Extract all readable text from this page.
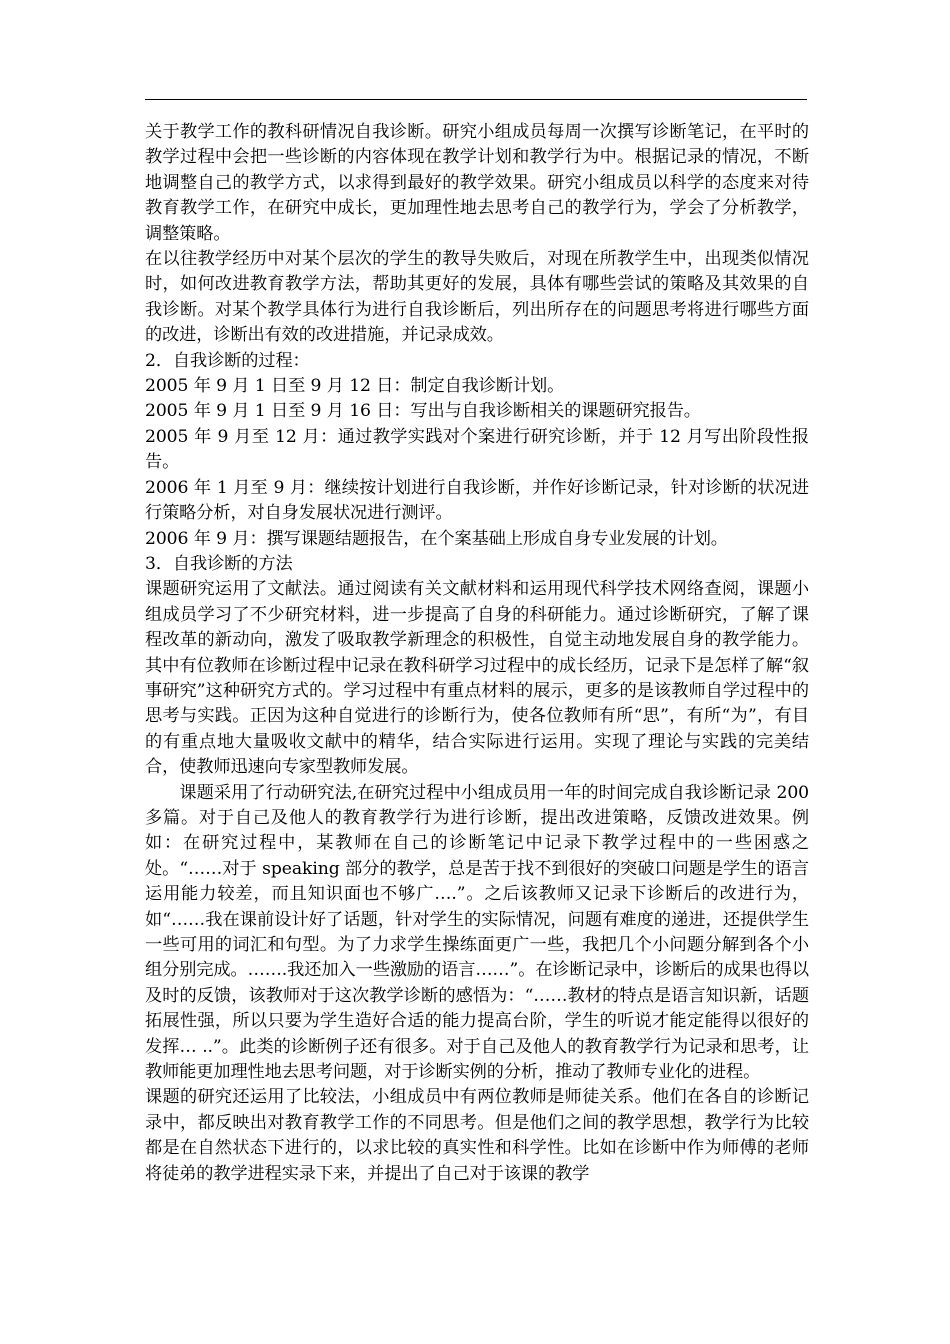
关于教学工作的教科研情况自我诊断。研究小组成员每周一次撰写诊断笔记，在平时的教学过程中会把一些诊断的内容体现在教学计划和教学行为中。根据记录的情况，不断地调整自己的教学方式，以求得到最好的教学效果。研究小组成员以科学的态度来对待教育教学工作，在研究中成长，更加理性地去思考自己的教学行为，学会了分析教学，调整策略。

在以往教学经历中对某个层次的学生的教导失败后，对现在所教学生中，出现类似情况时，如何改进教育教学方法，帮助其更好的发展，具体有哪些尝试的策略及其效果的自我诊断。对某个教学具体行为进行自我诊断后，列出所存在的问题思考将进行哪些方面的改进，诊断出有效的改进措施，并记录成效。

2．自我诊断的过程：

2005 年 9 月 1 日至 9 月 12 日：制定自我诊断计划。

2005 年 9 月 1 日至 9 月 16 日：写出与自我诊断相关的课题研究报告。

2005 年 9 月至 12 月：通过教学实践对个案进行研究诊断，并于 12 月写出阶段性报告。

2006 年 1 月至 9 月：继续按计划进行自我诊断，并作好诊断记录，针对诊断的状况进行策略分析，对自身发展状况进行测评。

2006 年 9 月：撰写课题结题报告，在个案基础上形成自身专业发展的计划。

3．自我诊断的方法

课题研究运用了文献法。通过阅读有关文献材料和运用现代科学技术网络查阅，课题小组成员学习了不少研究材料，进一步提高了自身的科研能力。通过诊断研究，了解了课程改革的新动向，激发了吸取教学新理念的积极性，自觉主动地发展自身的教学能力。其中有位教师在诊断过程中记录在教科研学习过程中的成长经历，记录下是怎样了解“叙事研究”这种研究方式的。学习过程中有重点材料的展示，更多的是该教师自学过程中的思考与实践。正因为这种自觉进行的诊断行为，使各位教师有所“思”，有所“为”，有目的有重点地大量吸收文献中的精华，结合实际进行运用。实现了理论与实践的完美结合，使教师迅速向专家型教师发展。

课题采用了行动研究法,在研究过程中小组成员用一年的时间完成自我诊断记录 200 多篇。对于自己及他人的教育教学行为进行诊断，提出改进策略，反馈改进效果。例如：在研究过程中，某教师在自己的诊断笔记中记录下教学过程中的一些困惑之处。“……对于 speaking 部分的教学，总是苦于找不到很好的突破口问题是学生的语言运用能力较差，而且知识面也不够广….”。之后该教师又记录下诊断后的改进行为，如“……我在课前设计好了话题，针对学生的实际情况，问题有难度的递进，还提供学生一些可用的词汇和句型。为了力求学生操练面更广一些，我把几个小问题分解到各个小组分别完成。…….我还加入一些激励的语言……”。在诊断记录中，诊断后的成果也得以及时的反馈，该教师对于这次教学诊断的感悟为：“……教材的特点是语言知识新，话题拓展性强，所以只要为学生造好合适的能力提高台阶，学生的听说才能定能得以很好的发挥… ..”。此类的诊断例子还有很多。对于自己及他人的教育教学行为记录和思考，让教师能更加理性地去思考问题，对于诊断实例的分析，推动了教师专业化的进程。

课题的研究还运用了比较法，小组成员中有两位教师是师徒关系。他们在各自的诊断记录中，都反映出对教育教学工作的不同思考。但是他们之间的教学思想，教学行为比较都是在自然状态下进行的，以求比较的真实性和科学性。比如在诊断中作为师傅的老师将徒弟的教学进程实录下来，并提出了自己对于该课的教学
